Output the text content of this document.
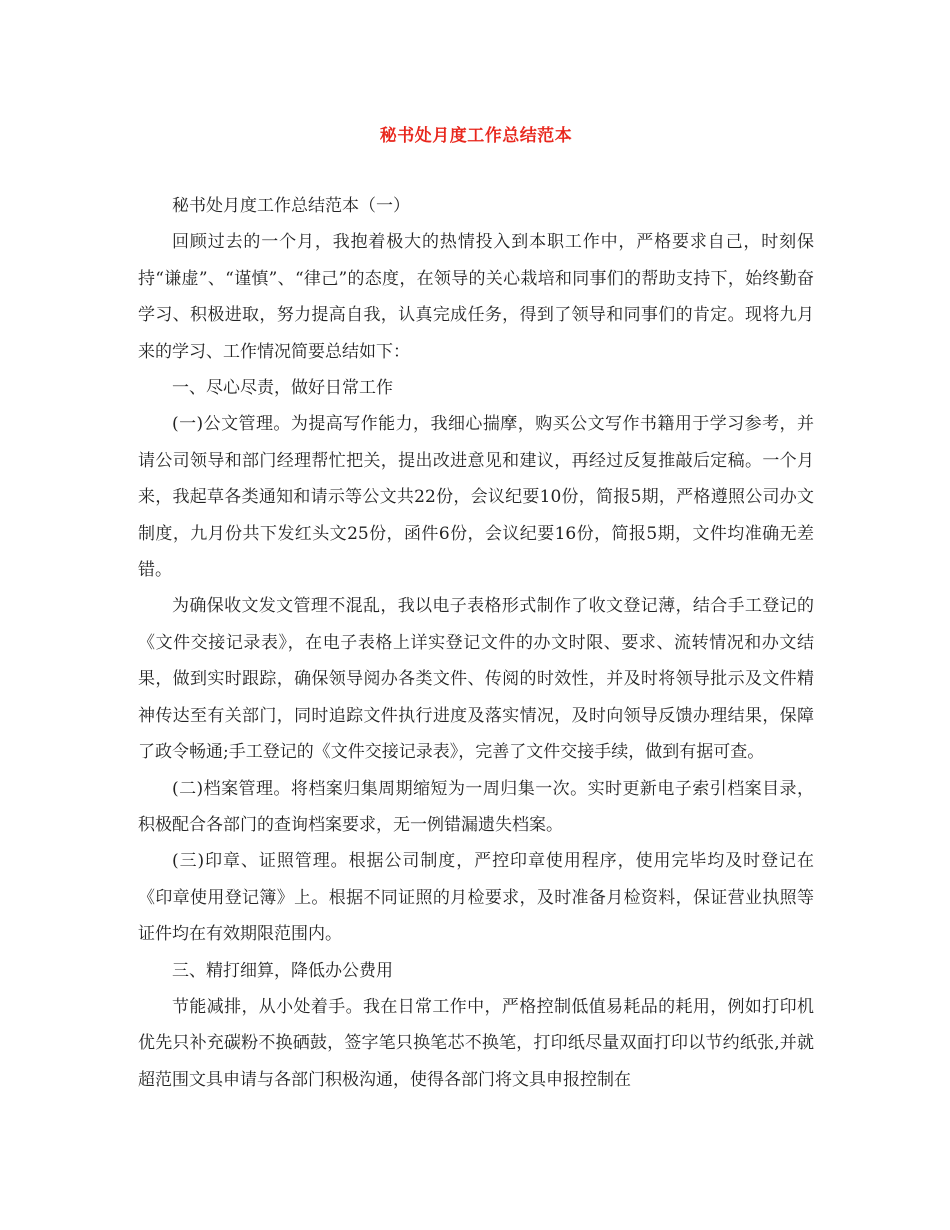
秘书处月度工作总结范本

秘书处月度工作总结范本（一）

回顾过去的一个月，我抱着极大的热情投入到本职工作中，严格要求自己，时刻保持“谦虚”、“谨慎”、“律己”的态度，在领导的关心栽培和同事们的帮助支持下，始终勤奋学习、积极进取，努力提高自我，认真完成任务，得到了领导和同事们的肯定。现将九月来的学习、工作情况简要总结如下：

一、尽心尽责，做好日常工作

(一)公文管理。为提高写作能力，我细心揣摩，购买公文写作书籍用于学习参考，并请公司领导和部门经理帮忙把关，提出改进意见和建议，再经过反复推敲后定稿。一个月来，我起草各类通知和请示等公文共22份，会议纪要10份，简报5期，严格遵照公司办文制度，九月份共下发红头文25份，函件6份，会议纪要16份，简报5期，文件均准确无差错。

为确保收文发文管理不混乱，我以电子表格形式制作了收文登记薄，结合手工登记的《文件交接记录表》，在电子表格上详实登记文件的办文时限、要求、流转情况和办文结果，做到实时跟踪，确保领导阅办各类文件、传阅的时效性，并及时将领导批示及文件精神传达至有关部门，同时追踪文件执行进度及落实情况，及时向领导反馈办理结果，保障了政令畅通;手工登记的《文件交接记录表》，完善了文件交接手续，做到有据可查。

(二)档案管理。将档案归集周期缩短为一周归集一次。实时更新电子索引档案目录，积极配合各部门的查询档案要求，无一例错漏遗失档案。

(三)印章、证照管理。根据公司制度，严控印章使用程序，使用完毕均及时登记在《印章使用登记簿》上。根据不同证照的月检要求，及时准备月检资料，保证营业执照等证件均在有效期限范围内。

三、精打细算，降低办公费用

节能减排，从小处着手。我在日常工作中，严格控制低值易耗品的耗用，例如打印机优先只补充碳粉不换硒鼓，签字笔只换笔芯不换笔，打印纸尽量双面打印以节约纸张,并就超范围文具申请与各部门积极沟通，使得各部门将文具申报控制在
